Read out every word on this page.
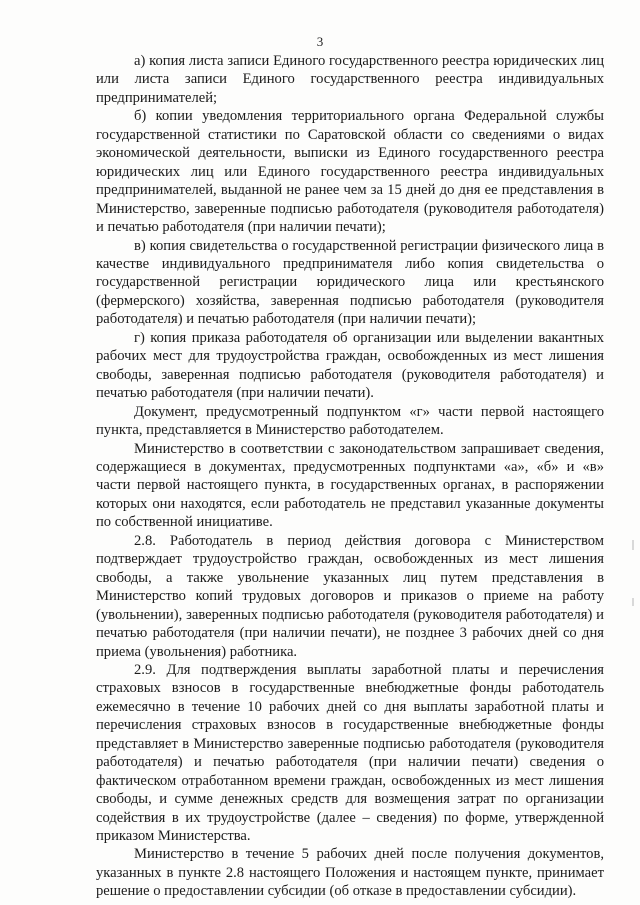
3

а) копия листа записи Единого государственного реестра юридических лиц или листа записи Единого государственного реестра индивидуальных предпринимателей;

б) копии уведомления территориального органа Федеральной службы государственной статистики по Саратовской области со сведениями о видах экономической деятельности, выписки из Единого государственного реестра юридических лиц или Единого государственного реестра индивидуальных предпринимателей, выданной не ранее чем за 15 дней до дня ее представления в Министерство, заверенные подписью работодателя (руководителя работодателя) и печатью работодателя (при наличии печати);

в) копия свидетельства о государственной регистрации физического лица в качестве индивидуального предпринимателя либо копия свидетельства о государственной регистрации юридического лица или крестьянского (фермерского) хозяйства, заверенная подписью работодателя (руководителя работодателя) и печатью работодателя (при наличии печати);

г) копия приказа работодателя об организации или выделении вакантных рабочих мест для трудоустройства граждан, освобожденных из мест лишения свободы, заверенная подписью работодателя (руководителя работодателя) и печатью работодателя (при наличии печати).

Документ, предусмотренный подпунктом «г» части первой настоящего пункта, представляется в Министерство работодателем.

Министерство в соответствии с законодательством запрашивает сведения, содержащиеся в документах, предусмотренных подпунктами «а», «б» и «в» части первой настоящего пункта, в государственных органах, в распоряжении которых они находятся, если работодатель не представил указанные документы по собственной инициативе.

2.8. Работодатель в период действия договора с Министерством подтверждает трудоустройство граждан, освобожденных из мест лишения свободы, а также увольнение указанных лиц путем представления в Министерство копий трудовых договоров и приказов о приеме на работу (увольнении), заверенных подписью работодателя (руководителя работодателя) и печатью работодателя (при наличии печати), не позднее 3 рабочих дней со дня приема (увольнения) работника.

2.9. Для подтверждения выплаты заработной платы и перечисления страховых взносов в государственные внебюджетные фонды работодатель ежемесячно в течение 10 рабочих дней со дня выплаты заработной платы и перечисления страховых взносов в государственные внебюджетные фонды представляет в Министерство заверенные подписью работодателя (руководителя работодателя) и печатью работодателя (при наличии печати) сведения о фактическом отработанном времени граждан, освобожденных из мест лишения свободы, и сумме денежных средств для возмещения затрат по организации содействия в их трудоустройстве (далее – сведения) по форме, утвержденной приказом Министерства.

Министерство в течение 5 рабочих дней после получения документов, указанных в пункте 2.8 настоящего Положения и настоящем пункте, принимает решение о предоставлении субсидии (об отказе в предоставлении субсидии).
